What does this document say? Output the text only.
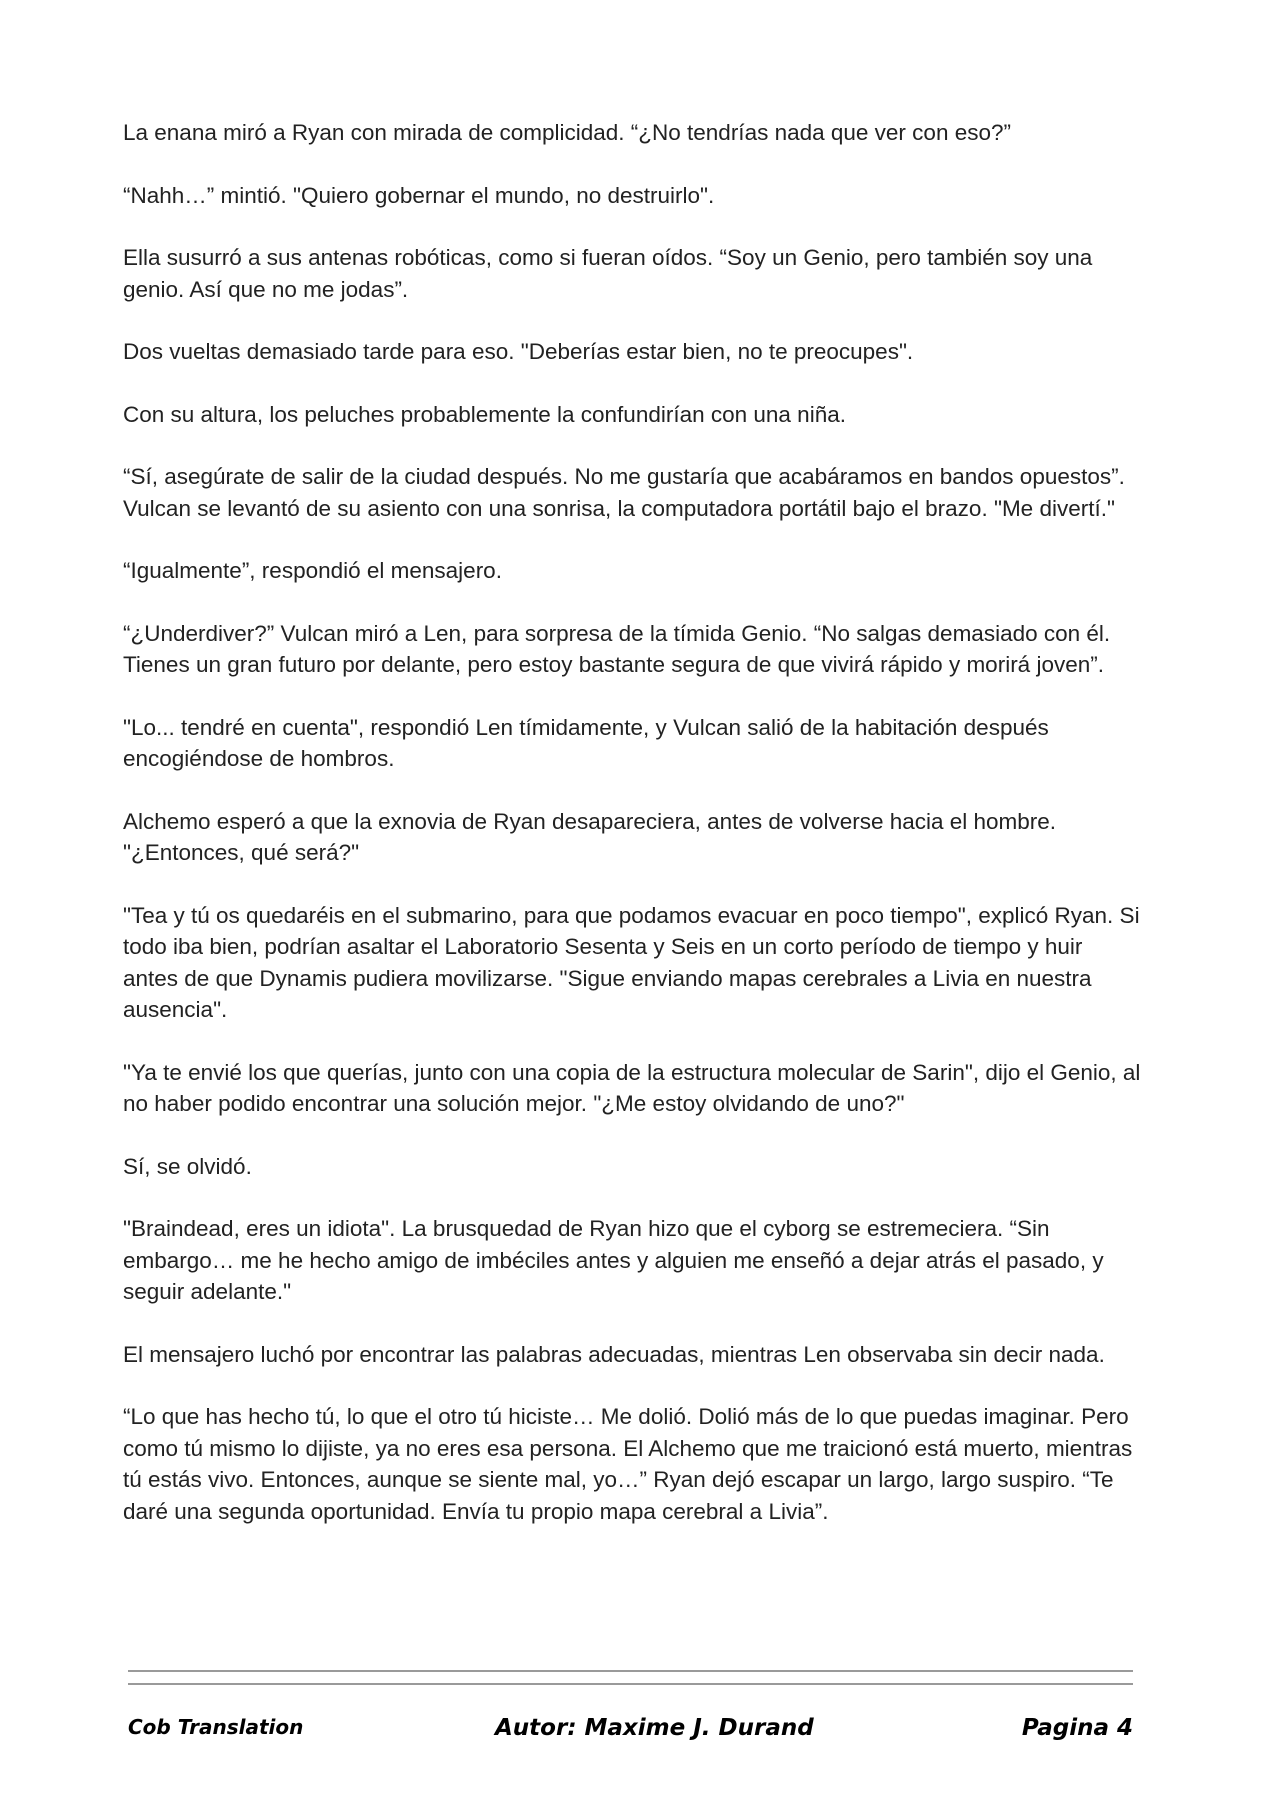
La enana miró a Ryan con mirada de complicidad. “¿No tendrías nada que ver con eso?”

“Nahh…” mintió. "Quiero gobernar el mundo, no destruirlo".

Ella susurró a sus antenas robóticas, como si fueran oídos. “Soy un Genio, pero también soy una genio. Así que no me jodas”.

Dos vueltas demasiado tarde para eso. "Deberías estar bien, no te preocupes".

Con su altura, los peluches probablemente la confundirían con una niña.

“Sí, asegúrate de salir de la ciudad después. No me gustaría que acabáramos en bandos opuestos”. Vulcan se levantó de su asiento con una sonrisa, la computadora portátil bajo el brazo. "Me divertí."

“Igualmente”, respondió el mensajero.

“¿Underdiver?” Vulcan miró a Len, para sorpresa de la tímida Genio. “No salgas demasiado con él. Tienes un gran futuro por delante, pero estoy bastante segura de que vivirá rápido y morirá joven”.

"Lo... tendré en cuenta", respondió Len tímidamente, y Vulcan salió de la habitación después encogiéndose de hombros.

Alchemo esperó a que la exnovia de Ryan desapareciera, antes de volverse hacia el hombre. "¿Entonces, qué será?"

"Tea y tú os quedaréis en el submarino, para que podamos evacuar en poco tiempo", explicó Ryan. Si todo iba bien, podrían asaltar el Laboratorio Sesenta y Seis en un corto período de tiempo y huir antes de que Dynamis pudiera movilizarse. "Sigue enviando mapas cerebrales a Livia en nuestra ausencia".

"Ya te envié los que querías, junto con una copia de la estructura molecular de Sarin", dijo el Genio, al no haber podido encontrar una solución mejor. "¿Me estoy olvidando de uno?"

Sí, se olvidó.

"Braindead, eres un idiota". La brusquedad de Ryan hizo que el cyborg se estremeciera. “Sin embargo… me he hecho amigo de imbéciles antes y alguien me enseñó a dejar atrás el pasado, y seguir adelante."

El mensajero luchó por encontrar las palabras adecuadas, mientras Len observaba sin decir nada.

“Lo que has hecho tú, lo que el otro tú hiciste… Me dolió. Dolió más de lo que puedas imaginar. Pero como tú mismo lo dijiste, ya no eres esa persona. El Alchemo que me traicionó está muerto, mientras tú estás vivo. Entonces, aunque se siente mal, yo…” Ryan dejó escapar un largo, largo suspiro. “Te daré una segunda oportunidad. Envía tu propio mapa cerebral a Livia”.

Cob Translation	Autor: Maxime J. Durand	Pagina 4
